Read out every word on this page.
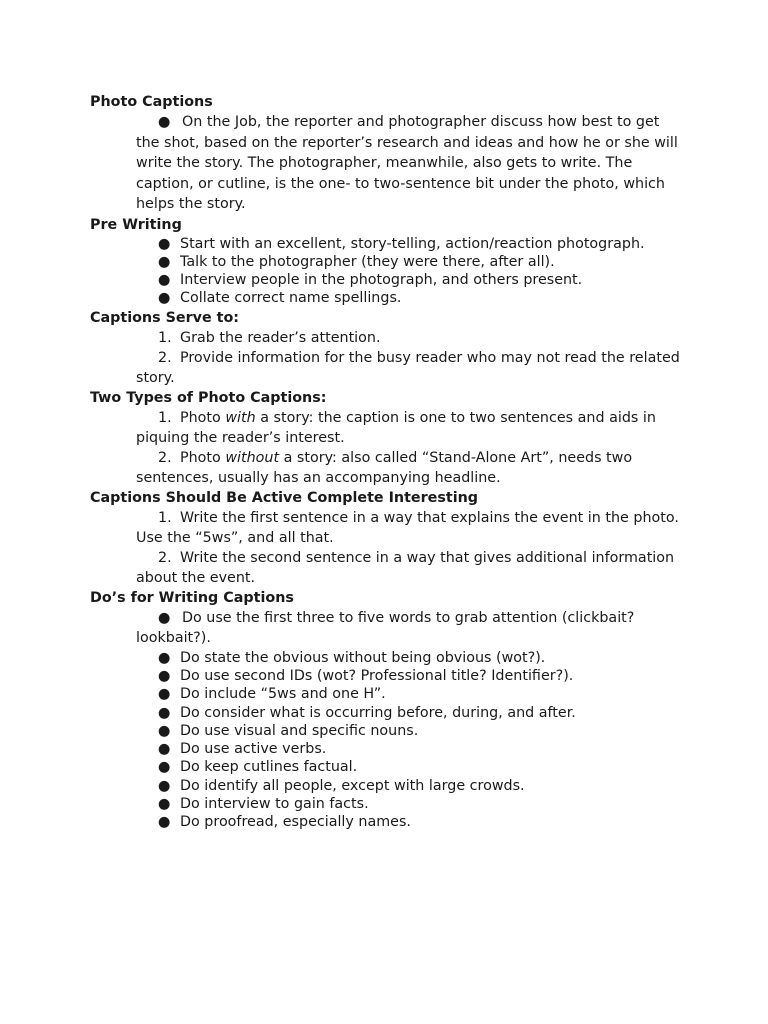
Photo Captions
● On the Job, the reporter and photographer discuss how best to get the shot, based on the reporter’s research and ideas and how he or she will write the story. The photographer, meanwhile, also gets to write. The caption, or cutline, is the one- to two-sentence bit under the photo, which helps the story.
Pre Writing
● Start with an excellent, story-telling, action/reaction photograph.
● Talk to the photographer (they were there, after all).
● Interview people in the photograph, and others present.
● Collate correct name spellings.
Captions Serve to:
1. Grab the reader’s attention.
2. Provide information for the busy reader who may not read the related story.
Two Types of Photo Captions:
1. Photo with a story: the caption is one to two sentences and aids in piquing the reader’s interest.
2. Photo without a story: also called “Stand-Alone Art”, needs two sentences, usually has an accompanying headline.
Captions Should Be Active Complete Interesting
1. Write the first sentence in a way that explains the event in the photo. Use the “5ws”, and all that.
2. Write the second sentence in a way that gives additional information about the event.
Do’s for Writing Captions
● Do use the first three to five words to grab attention (clickbait? lookbait?).
● Do state the obvious without being obvious (wot?).
● Do use second IDs (wot? Professional title? Identifier?).
● Do include “5ws and one H”.
● Do consider what is occurring before, during, and after.
● Do use visual and specific nouns.
● Do use active verbs.
● Do keep cutlines factual.
● Do identify all people, except with large crowds.
● Do interview to gain facts.
● Do proofread, especially names.
